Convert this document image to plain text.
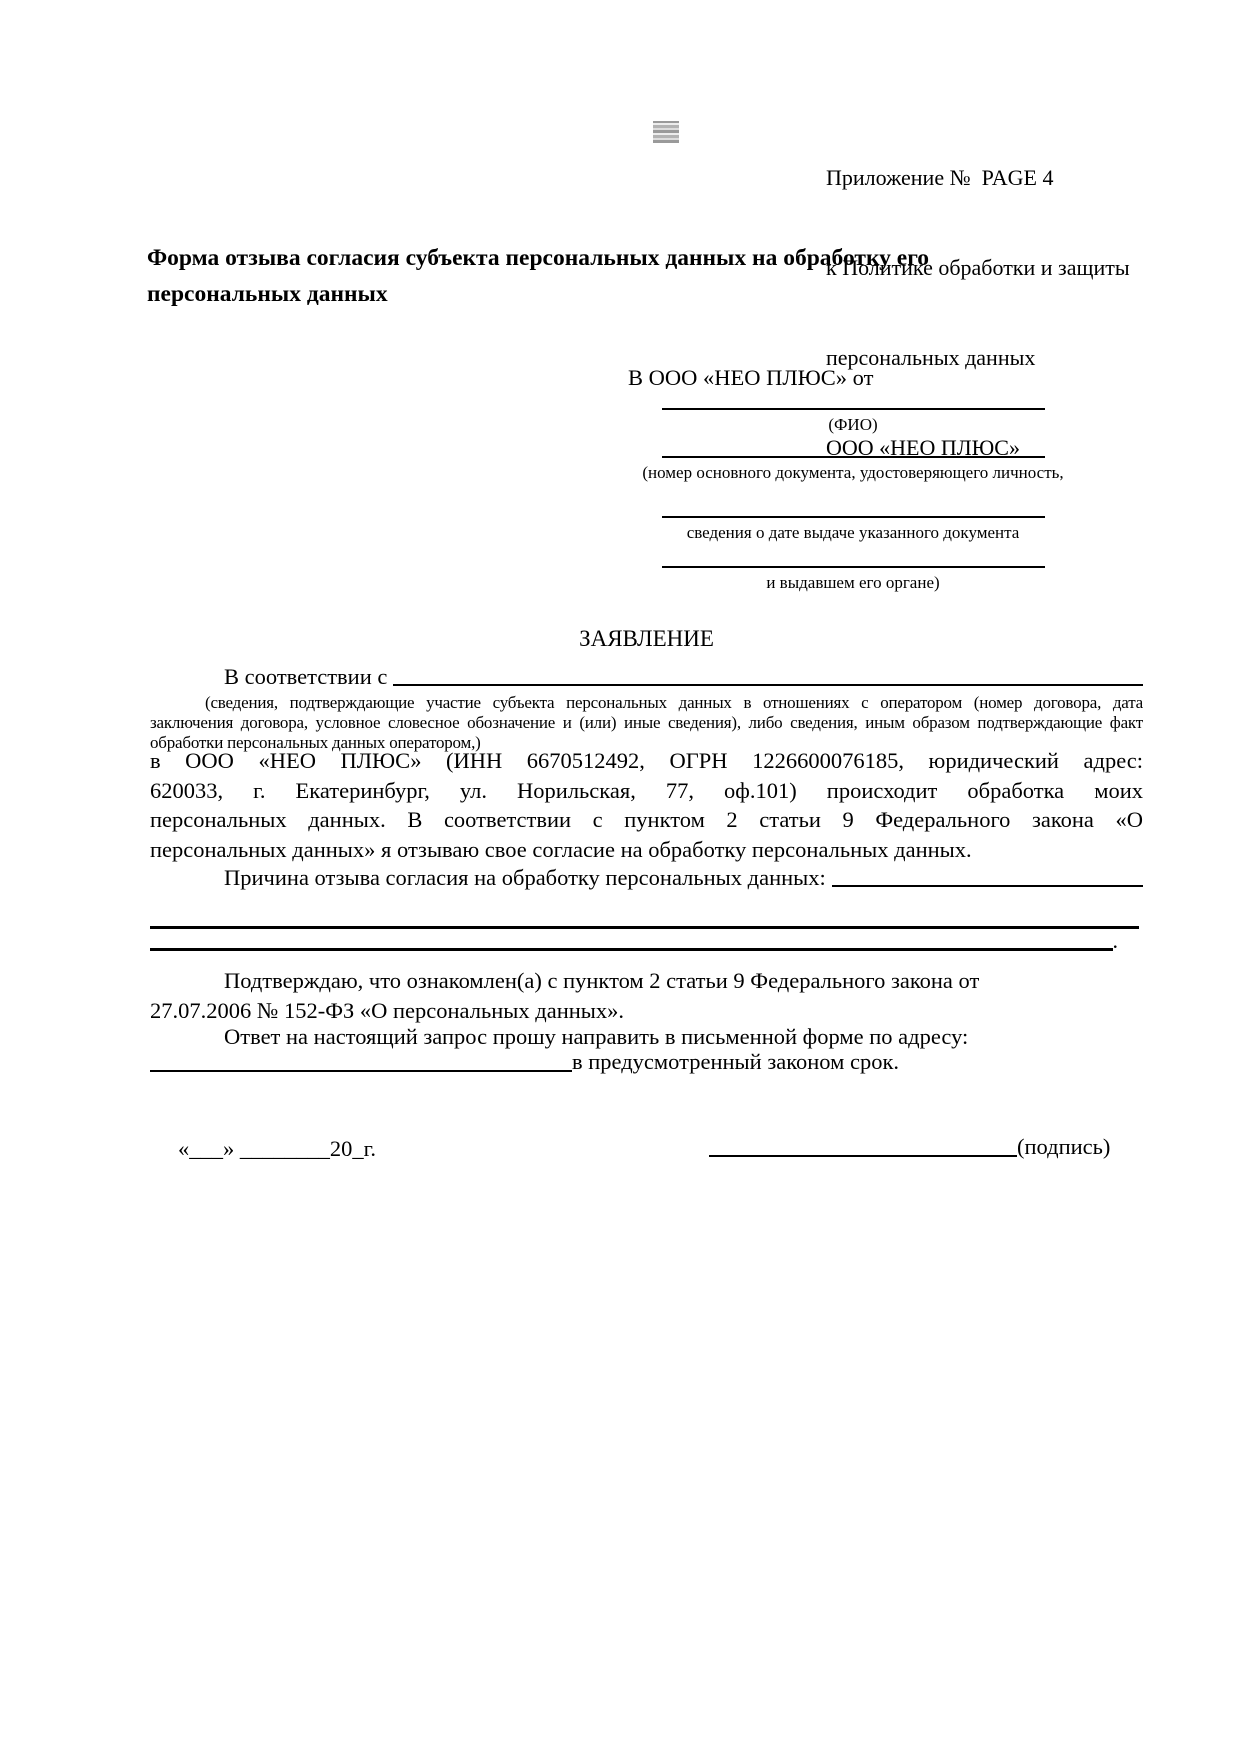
Приложение №  PAGE 4

к Политике обработки и защиты

персональных данных

ООО «НЕО ПЛЮС»

Форма отзыва согласия субъекта персональных данных на обработку его персональных данных
В ООО «НЕО ПЛЮС» от
(ФИО)
(номер основного документа, удостоверяющего личность,
сведения о дате выдаче указанного документа
и выдавшем его органе)
ЗАЯВЛЕНИЕ
В соответствии с
(сведения, подтверждающие участие субъекта персональных данных в отношениях с оператором (номер договора, дата
заключения договора, условное словесное обозначение и (или) иные сведения), либо сведения, иным образом подтверждающие факт
обработки персональных данных оператором,)
в ООО «НЕО ПЛЮС» (ИНН 6670512492, ОГРН 1226600076185, юридический адрес:
620033, г. Екатеринбург, ул. Норильская, 77, оф.101) происходит обработка моих
персональных данных. В соответствии с пунктом 2 статьи 9 Федерального закона «О
персональных данных» я отзываю свое согласие на обработку персональных данных.
Причина отзыва согласия на обработку персональных данных:
.
Подтверждаю, что ознакомлен(а) с пунктом 2 статьи 9 Федерального закона от
27.07.2006 № 152-ФЗ «О персональных данных».
Ответ на настоящий запрос прошу направить в письменной форме по адресу:
в предусмотренный законом срок.
«___» ________20_г.	(подпись)
